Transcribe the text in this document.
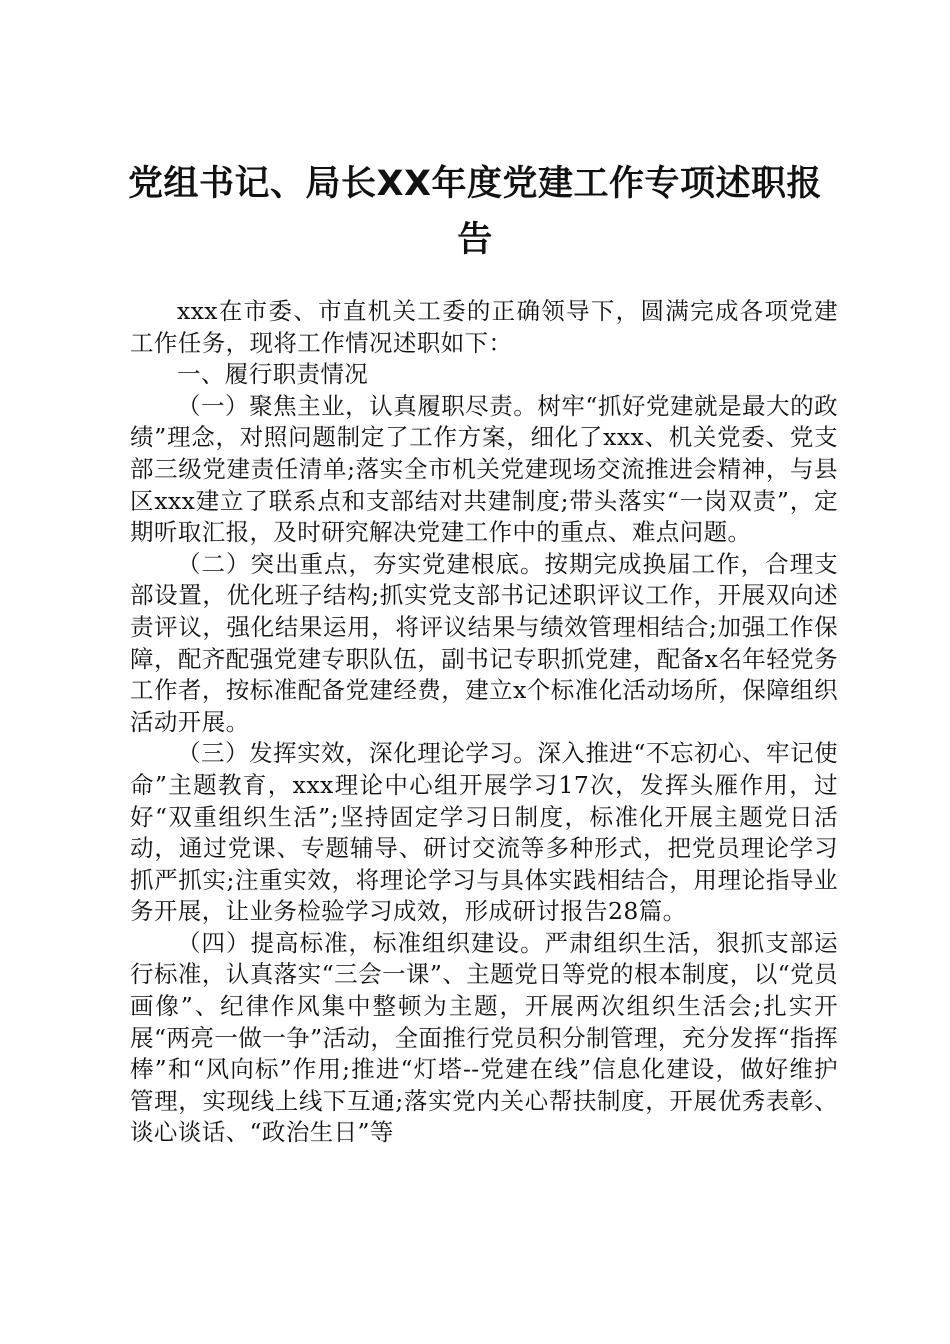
党组书记、局长XX年度党建工作专项述职报告

xxx在市委、市直机关工委的正确领导下，圆满完成各项党建工作任务，现将工作情况述职如下：

一、履行职责情况

（一）聚焦主业，认真履职尽责。树牢“抓好党建就是最大的政绩”理念，对照问题制定了工作方案，细化了xxx、机关党委、党支部三级党建责任清单;落实全市机关党建现场交流推进会精神，与县区xxx建立了联系点和支部结对共建制度;带头落实“一岗双责”，定期听取汇报，及时研究解决党建工作中的重点、难点问题。

（二）突出重点，夯实党建根底。按期完成换届工作，合理支部设置，优化班子结构;抓实党支部书记述职评议工作，开展双向述责评议，强化结果运用，将评议结果与绩效管理相结合;加强工作保障，配齐配强党建专职队伍，副书记专职抓党建，配备x名年轻党务工作者，按标准配备党建经费，建立x个标准化活动场所，保障组织活动开展。

（三）发挥实效，深化理论学习。深入推进“不忘初心、牢记使命”主题教育，xxx理论中心组开展学习17次，发挥头雁作用，过好“双重组织生活”;坚持固定学习日制度，标准化开展主题党日活动，通过党课、专题辅导、研讨交流等多种形式，把党员理论学习抓严抓实;注重实效，将理论学习与具体实践相结合，用理论指导业务开展，让业务检验学习成效，形成研讨报告28篇。

（四）提高标准，标准组织建设。严肃组织生活，狠抓支部运行标准，认真落实“三会一课”、主题党日等党的根本制度，以“党员画像”、纪律作风集中整顿为主题，开展两次组织生活会;扎实开展“两亮一做一争”活动，全面推行党员积分制管理，充分发挥“指挥棒”和“风向标”作用;推进“灯塔--党建在线”信息化建设，做好维护管理，实现线上线下互通;落实党内关心帮扶制度，开展优秀表彰、谈心谈话、“政治生日”等
